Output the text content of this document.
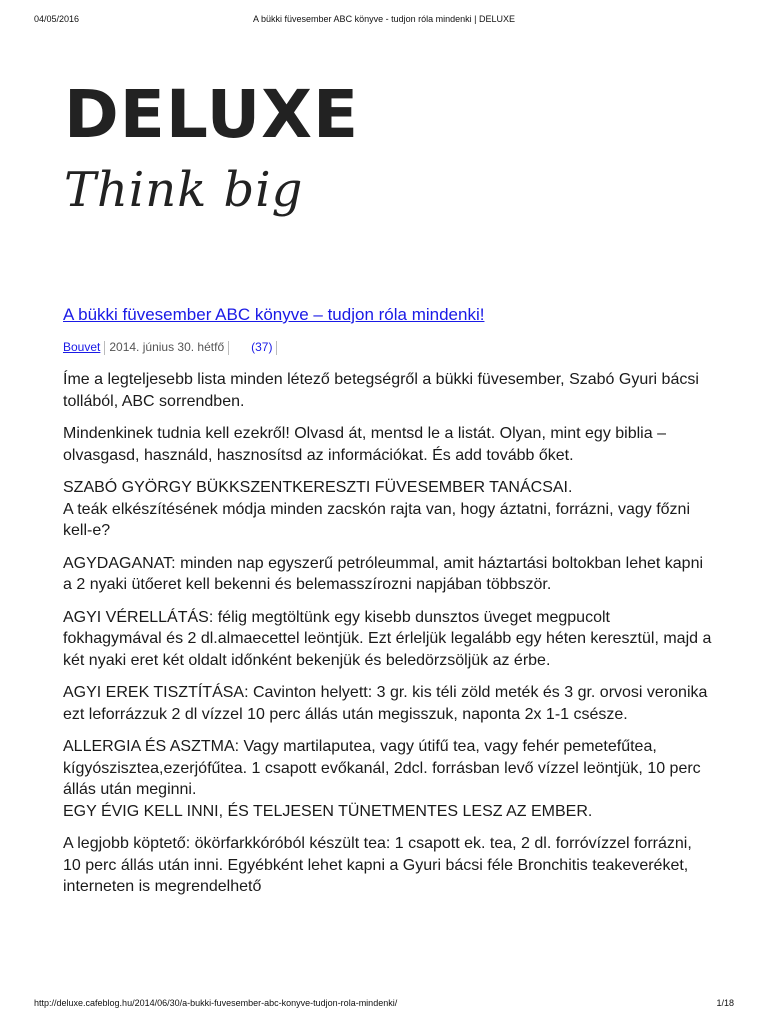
04/05/2016	A bükki füvesember ABC könyve - tudjon róla mindenki | DELUXE
DELUXE
Think big
A bükki füvesember ABC könyve – tudjon róla mindenki!
Bouvet 2014. június 30. hétfő (37)

Íme a legteljesebb lista minden létező betegségről a bükki füvesember, Szabó Gyuri bácsi tollából, ABC sorrendben.

Mindenkinek tudnia kell ezekről! Olvasd át, mentsd le a listát. Olyan, mint egy biblia – olvasgasd, használd, hasznosítsd az információkat. És add tovább őket.

SZABÓ GYÖRGY BÜKKSZENTKERESZTI FÜVESEMBER TANÁCSAI.
A teák elkészítésének módja minden zacskón rajta van, hogy áztatni, forrázni, vagy főzni kell-e?

AGYDAGANAT: minden nap egyszerű petróleummal, amit háztartási boltokban lehet kapni a 2 nyaki ütőeret kell bekenni és belemasszírozni napjában többször.

AGYI VÉRELLÁTÁS: félig megtöltünk egy kisebb dunsztos üveget megpucolt fokhagymával és 2 dl.almaecettel leöntjük. Ezt érleljük legalább egy héten keresztül, majd a két nyaki eret két oldalt időnként bekenjük és beledörzsöljük az érbe.

AGYI EREK TISZTÍTÁSA: Cavinton helyett: 3 gr. kis téli zöld meték és 3 gr. orvosi veronika ezt leforrázzuk 2 dl vízzel 10 perc állás után megisszuk, naponta 2x 1-1 csésze.

ALLERGIA ÉS ASZTMA: Vagy martilaputea, vagy útifű tea, vagy fehér pemetefűtea, kígyószisztea,ezerjófűtea. 1 csapott evőkanál, 2dcl. forrásban levő vízzel leöntjük, 10 perc állás után meginni.
EGY ÉVIG KELL INNI, ÉS TELJESEN TÜNETMENTES LESZ AZ EMBER.

A legjobb köptető: ökörfarkkóróból készült tea: 1 csapott ek. tea, 2 dl. forróvízzel forrázni, 10 perc állás után inni. Egyébként lehet kapni a Gyuri bácsi féle Bronchitis teakeveréket, interneten is megrendelhető

http://deluxe.cafeblog.hu/2014/06/30/a-bukki-fuvesember-abc-konyve-tudjon-rola-mindenki/	1/18
